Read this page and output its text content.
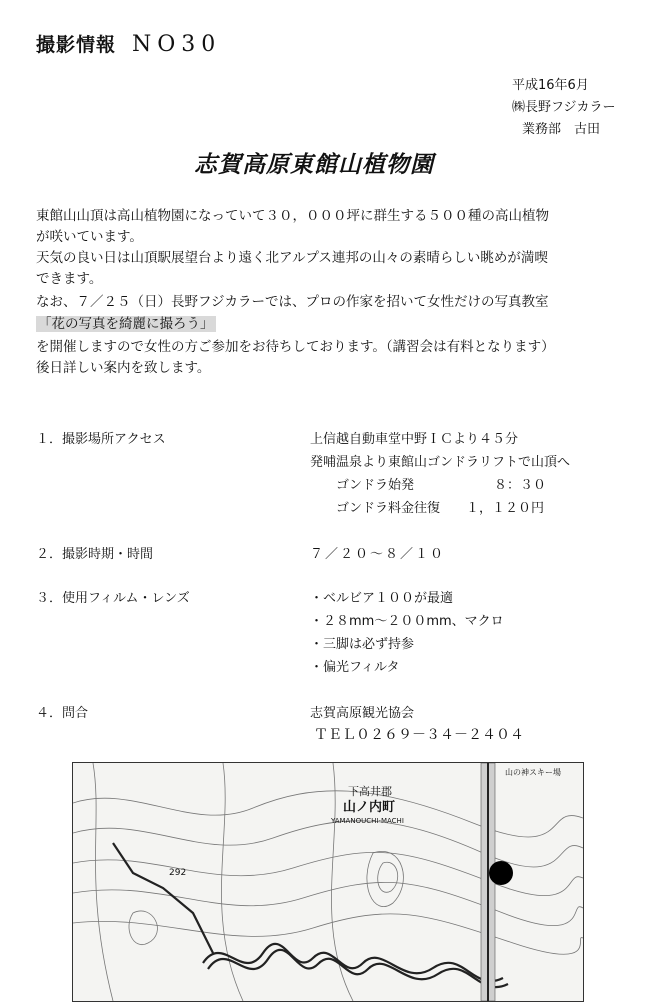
撮影情報 NO30
平成16年6月
㈱長野フジカラー
業務部　古田
志賀高原東館山植物園
東館山山頂は高山植物園になっていて３０，０００坪に群生する５００種の高山植物
が咲いています。
天気の良い日は山頂駅展望台より遠く北アルプス連邦の山々の素晴らしい眺めが満喫
できます。
なお、７／２５（日）長野フジカラーでは、プロの作家を招いて女性だけの写真教室
「花の写真を綺麗に撮ろう」
を開催しますので女性の方ご参加をお待ちしております。（講習会は有料となります）
後日詳しい案内を致します。
１．撮影場所アクセス	上信越自動車堂中野ＩＣより４５分
発哺温泉より東館山ゴンドラリフトで山頂へ
ゴンドラ始発	８：３０
ゴンドラ料金往復 １，１２０円
２．撮影時期・時間	７／２０～８／１０
３．使用フィルム・レンズ	・ベルビア１００が最適
・２８mm～２００mm、マクロ
・三脚は必ず持参
・偏光フィルタ
４．問合	志賀高原観光協会
ＴＥＬ０２６９－３４－２４０４
下高井郡
山ノ内町
YAMANOUCHI-MACHI
292
山の神スキー場
